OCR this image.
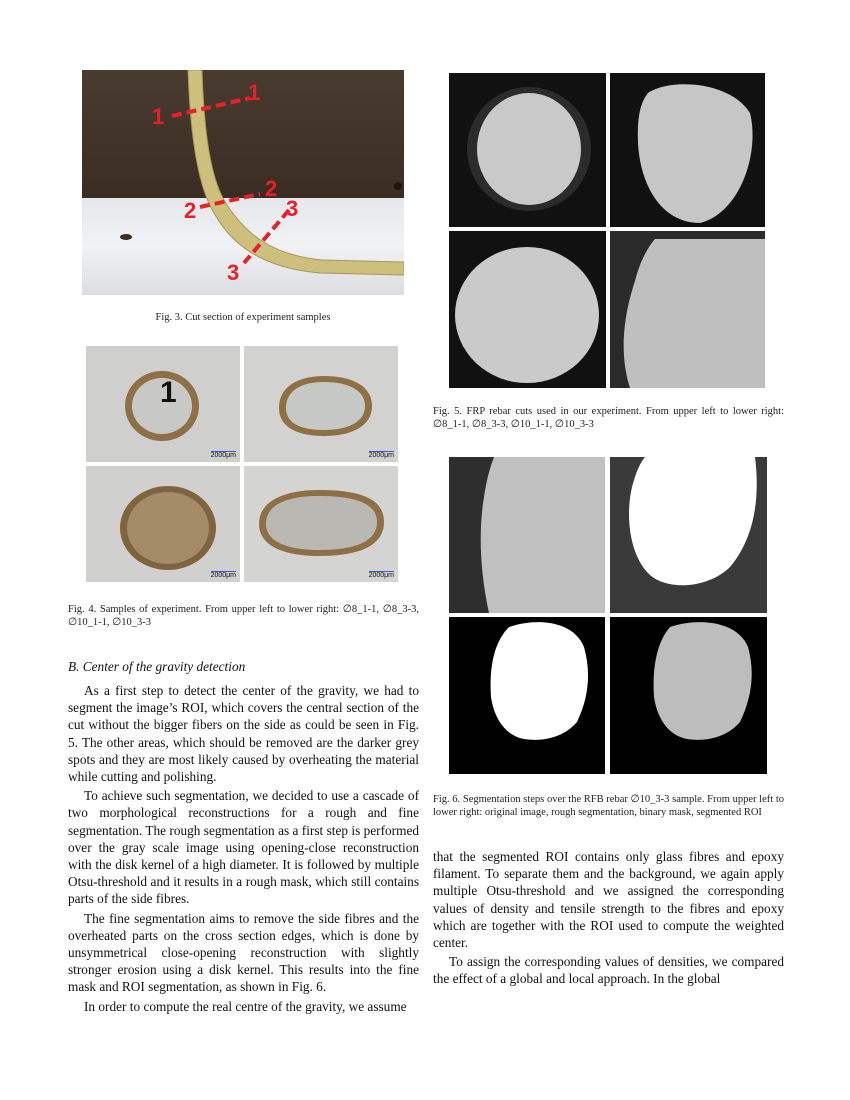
1
1
2
2
3
3
Fig. 3. Cut section of experiment samples
1
2000μm	2000μm
2000μm	2000μm
Fig. 4. Samples of experiment. From upper left to lower right: ∅8_1-1, ∅8_3-3, ∅10_1-1, ∅10_3-3
Fig. 5. FRP rebar cuts used in our experiment. From upper left to lower right: ∅8_1-1, ∅8_3-3, ∅10_1-1, ∅10_3-3
Fig. 6. Segmentation steps over the RFB rebar ∅10_3-3 sample. From upper left to lower right: original image, rough segmentation, binary mask, segmented ROI
B. Center of the gravity detection

As a first step to detect the center of the gravity, we had to segment the image’s ROI, which covers the central section of the cut without the bigger fibers on the side as could be seen in Fig. 5. The other areas, which should be removed are the darker grey spots and they are most likely caused by overheating the material while cutting and polishing.

To achieve such segmentation, we decided to use a cascade of two morphological reconstructions for a rough and fine segmentation. The rough segmentation as a first step is performed over the gray scale image using opening-close reconstruction with the disk kernel of a high diameter. It is followed by multiple Otsu-threshold and it results in a rough mask, which still contains parts of the side fibres.

The fine segmentation aims to remove the side fibres and the overheated parts on the cross section edges, which is done by unsymmetrical close-opening reconstruction with slightly stronger erosion using a disk kernel. This results into the fine mask and ROI segmentation, as shown in Fig. 6.

In order to compute the real centre of the gravity, we assume

that the segmented ROI contains only glass fibres and epoxy filament. To separate them and the background, we again apply multiple Otsu-threshold and we assigned the corresponding values of density and tensile strength to the fibres and epoxy which are together with the ROI used to compute the weighted center.

To assign the corresponding values of densities, we compared the effect of a global and local approach. In the global
